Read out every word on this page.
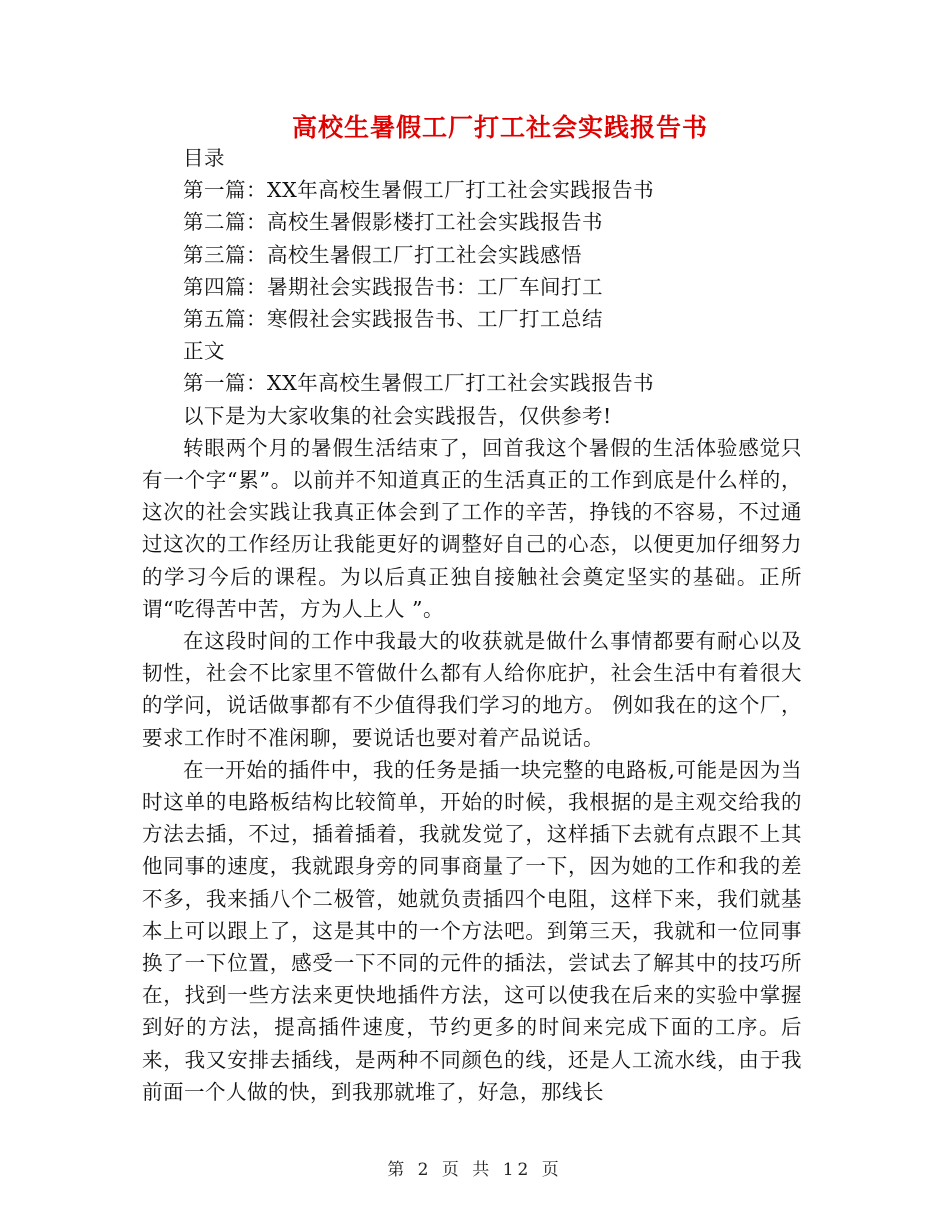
高校生暑假工厂打工社会实践报告书

目录

第一篇：XX年高校生暑假工厂打工社会实践报告书

第二篇：高校生暑假影楼打工社会实践报告书

第三篇：高校生暑假工厂打工社会实践感悟

第四篇：暑期社会实践报告书：工厂车间打工

第五篇：寒假社会实践报告书、工厂打工总结

正文

第一篇：XX年高校生暑假工厂打工社会实践报告书

以下是为大家收集的社会实践报告，仅供参考!

转眼两个月的暑假生活结束了，回首我这个暑假的生活体验感觉只有一个字“累”。以前并不知道真正的生活真正的工作到底是什么样的，这次的社会实践让我真正体会到了工作的辛苦，挣钱的不容易，不过通过这次的工作经历让我能更好的调整好自己的心态，以便更加仔细努力的学习今后的课程。为以后真正独自接触社会奠定坚实的基础。正所谓“吃得苦中苦，方为人上人 ”。

在这段时间的工作中我最大的收获就是做什么事情都要有耐心以及韧性，社会不比家里不管做什么都有人给你庇护，社会生活中有着很大的学问，说话做事都有不少值得我们学习的地方。 例如我在的这个厂，要求工作时不准闲聊，要说话也要对着产品说话。

在一开始的插件中，我的任务是插一块完整的电路板,可能是因为当时这单的电路板结构比较简单，开始的时候，我根据的是主观交给我的方法去插，不过，插着插着，我就发觉了，这样插下去就有点跟不上其他同事的速度，我就跟身旁的同事商量了一下，因为她的工作和我的差不多，我来插八个二极管，她就负责插四个电阻，这样下来，我们就基本上可以跟上了，这是其中的一个方法吧。到第三天，我就和一位同事换了一下位置，感受一下不同的元件的插法，尝试去了解其中的技巧所在，找到一些方法来更快地插件方法，这可以使我在后来的实验中掌握到好的方法，提高插件速度，节约更多的时间来完成下面的工序。后来，我又安排去插线，是两种不同颜色的线，还是人工流水线，由于我前面一个人做的快，到我那就堆了，好急，那线长

第 2 页 共 12 页
